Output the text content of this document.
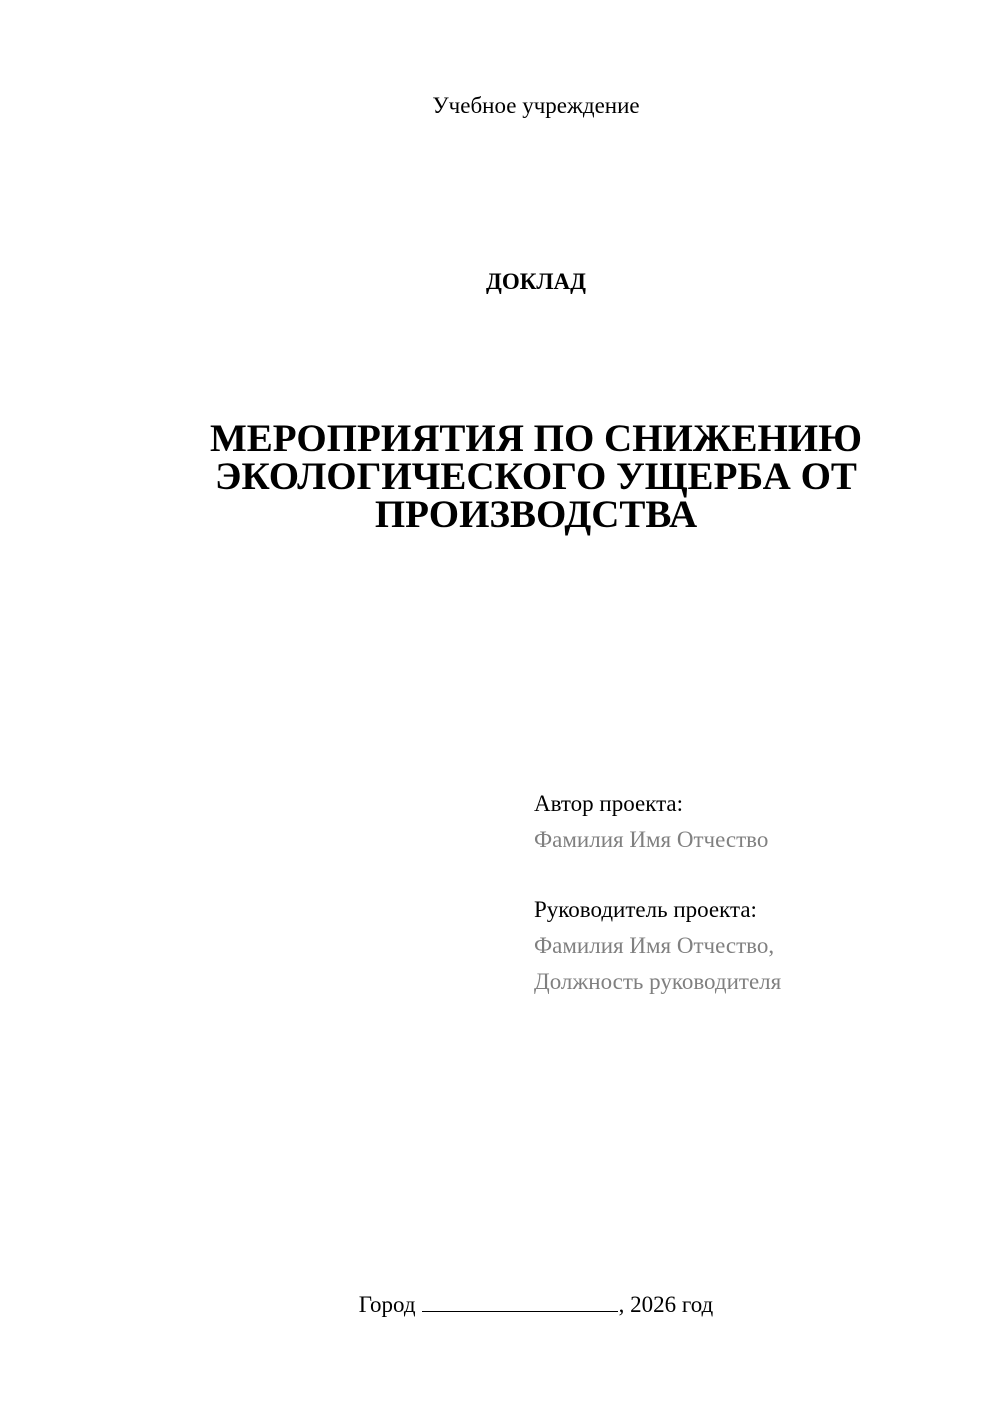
Учебное учреждение
ДОКЛАД
МЕРОПРИЯТИЯ ПО СНИЖЕНИЮ
ЭКОЛОГИЧЕСКОГО УЩЕРБА ОТ
ПРОИЗВОДСТВА
Автор проекта:
Фамилия Имя Отчество
Руководитель проекта:
Фамилия Имя Отчество,
Должность руководителя
Город	, 2026 год
